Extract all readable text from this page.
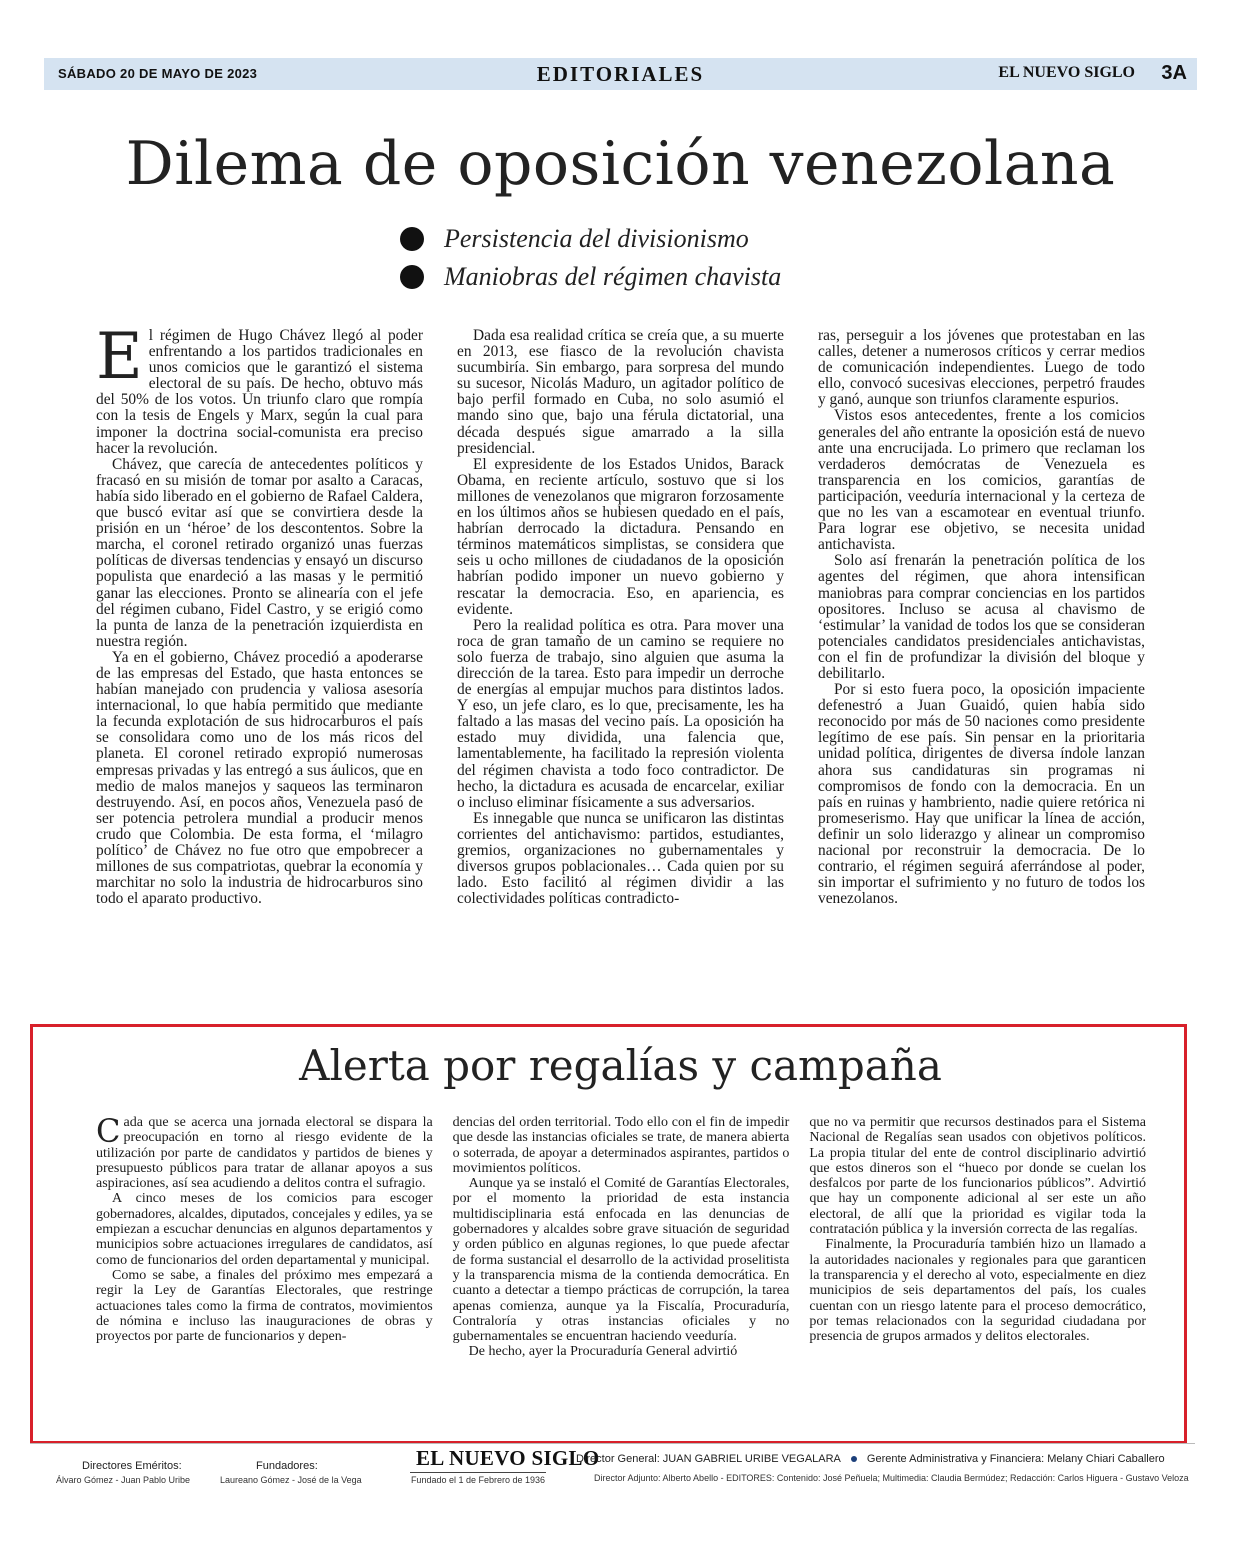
SÁBADO 20 DE MAYO DE 2023	EDITORIALES	EL NUEVO SIGLO 3A
Dilema de oposición venezolana
Persistencia del divisionismo
Maniobras del régimen chavista

El régimen de Hugo Chávez llegó al poder enfrentando a los partidos tradicionales en unos comicios que le garantizó el sistema electoral de su país. De hecho, obtuvo más del 50% de los votos. Un triunfo claro que rompía con la tesis de Engels y Marx, según la cual para imponer la doctrina social-comunista era preciso hacer la revolución.

Chávez, que carecía de antecedentes políticos y fracasó en su misión de tomar por asalto a Caracas, había sido liberado en el gobierno de Rafael Caldera, que buscó evitar así que se convirtiera desde la prisión en un ‘héroe’ de los descontentos. Sobre la marcha, el coronel retirado organizó unas fuerzas políticas de diversas tendencias y ensayó un discurso populista que enardeció a las masas y le permitió ganar las elecciones. Pronto se alinearía con el jefe del régimen cubano, Fidel Castro, y se erigió como la punta de lanza de la penetración izquierdista en nuestra región.

Ya en el gobierno, Chávez procedió a apoderarse de las empresas del Estado, que hasta entonces se habían manejado con prudencia y valiosa asesoría internacional, lo que había permitido que mediante la fecunda explotación de sus hidrocarburos el país se consolidara como uno de los más ricos del planeta. El coronel retirado expropió numerosas empresas privadas y las entregó a sus áulicos, que en medio de malos manejos y saqueos las terminaron destruyendo. Así, en pocos años, Venezuela pasó de ser potencia petrolera mundial a producir menos crudo que Colombia. De esta forma, el ‘milagro político’ de Chávez no fue otro que empobrecer a millones de sus compatriotas, quebrar la economía y marchitar no solo la industria de hidrocarburos sino todo el aparato productivo.

Dada esa realidad crítica se creía que, a su muerte en 2013, ese fiasco de la revolución chavista sucumbiría. Sin embargo, para sorpresa del mundo su sucesor, Nicolás Maduro, un agitador político de bajo perfil formado en Cuba, no solo asumió el mando sino que, bajo una férula dictatorial, una década después sigue amarrado a la silla presidencial.

El expresidente de los Estados Unidos, Barack Obama, en reciente artículo, sostuvo que si los millones de venezolanos que migraron forzosamente en los últimos años se hubiesen quedado en el país, habrían derrocado la dictadura. Pensando en términos matemáticos simplistas, se considera que seis u ocho millones de ciudadanos de la oposición habrían podido imponer un nuevo gobierno y rescatar la democracia. Eso, en apariencia, es evidente.

Pero la realidad política es otra. Para mover una roca de gran tamaño de un camino se requiere no solo fuerza de trabajo, sino alguien que asuma la dirección de la tarea. Esto para impedir un derroche de energías al empujar muchos para distintos lados. Y eso, un jefe claro, es lo que, precisamente, les ha faltado a las masas del vecino país. La oposición ha estado muy dividida, una falencia que, lamentablemente, ha facilitado la represión violenta del régimen chavista a todo foco contradictor. De hecho, la dictadura es acusada de encarcelar, exiliar o incluso eliminar físicamente a sus adversarios.

Es innegable que nunca se unificaron las distintas corrientes del antichavismo: partidos, estudiantes, gremios, organizaciones no gubernamentales y diversos grupos poblacionales… Cada quien por su lado. Esto facilitó al régimen dividir a las colectividades políticas contradicto-

ras, perseguir a los jóvenes que protestaban en las calles, detener a numerosos críticos y cerrar medios de comunicación independientes. Luego de todo ello, convocó sucesivas elecciones, perpetró fraudes y ganó, aunque son triunfos claramente espurios.

Vistos esos antecedentes, frente a los comicios generales del año entrante la oposición está de nuevo ante una encrucijada. Lo primero que reclaman los verdaderos demócratas de Venezuela es transparencia en los comicios, garantías de participación, veeduría internacional y la certeza de que no les van a escamotear en eventual triunfo. Para lograr ese objetivo, se necesita unidad antichavista.

Solo así frenarán la penetración política de los agentes del régimen, que ahora intensifican maniobras para comprar conciencias en los partidos opositores. Incluso se acusa al chavismo de ‘estimular’ la vanidad de todos los que se consideran potenciales candidatos presidenciales antichavistas, con el fin de profundizar la división del bloque y debilitarlo.

Por si esto fuera poco, la oposición impaciente defenestró a Juan Guaidó, quien había sido reconocido por más de 50 naciones como presidente legítimo de ese país. Sin pensar en la prioritaria unidad política, dirigentes de diversa índole lanzan ahora sus candidaturas sin programas ni compromisos de fondo con la democracia. En un país en ruinas y hambriento, nadie quiere retórica ni promeserismo. Hay que unificar la línea de acción, definir un solo liderazgo y alinear un compromiso nacional por reconstruir la democracia. De lo contrario, el régimen seguirá aferrándose al poder, sin importar el sufrimiento y no futuro de todos los venezolanos.

Alerta por regalías y campaña

Cada que se acerca una jornada electoral se dispara la preocupación en torno al riesgo evidente de la utilización por parte de candidatos y partidos de bienes y presupuesto públicos para tratar de allanar apoyos a sus aspiraciones, así sea acudiendo a delitos contra el sufragio.

A cinco meses de los comicios para escoger gobernadores, alcaldes, diputados, concejales y ediles, ya se empiezan a escuchar denuncias en algunos departamentos y municipios sobre actuaciones irregulares de candidatos, así como de funcionarios del orden departamental y municipal.

Como se sabe, a finales del próximo mes empezará a regir la Ley de Garantías Electorales, que restringe actuaciones tales como la firma de contratos, movimientos de nómina e incluso las inauguraciones de obras y proyectos por parte de funcionarios y depen-

dencias del orden territorial. Todo ello con el fin de impedir que desde las instancias oficiales se trate, de manera abierta o soterrada, de apoyar a determinados aspirantes, partidos o movimientos políticos.

Aunque ya se instaló el Comité de Garantías Electorales, por el momento la prioridad de esta instancia multidisciplinaria está enfocada en las denuncias de gobernadores y alcaldes sobre grave situación de seguridad y orden público en algunas regiones, lo que puede afectar de forma sustancial el desarrollo de la actividad proselitista y la transparencia misma de la contienda democrática. En cuanto a detectar a tiempo prácticas de corrupción, la tarea apenas comienza, aunque ya la Fiscalía, Procuraduría, Contraloría y otras instancias oficiales y no gubernamentales se encuentran haciendo veeduría.

De hecho, ayer la Procuraduría General advirtió

que no va permitir que recursos destinados para el Sistema Nacional de Regalías sean usados con objetivos políticos. La propia titular del ente de control disciplinario advirtió que estos dineros son el “hueco por donde se cuelan los desfalcos por parte de los funcionarios públicos”. Advirtió que hay un componente adicional al ser este un año electoral, de allí que la prioridad es vigilar toda la contratación pública y la inversión correcta de las regalías.

Finalmente, la Procuraduría también hizo un llamado a la autoridades nacionales y regionales para que garanticen la transparencia y el derecho al voto, especialmente en diez municipios de seis departamentos del país, los cuales cuentan con un riesgo latente para el proceso democrático, por temas relacionados con la seguridad ciudadana por presencia de grupos armados y delitos electorales.

Directores Eméritos:
Álvaro Gómez - Juan Pablo Uribe
Fundadores:
Laureano Gómez - José de la Vega
EL NUEVO SIGLO
Fundado el 1 de Febrero de 1936
Director General: JUAN GABRIEL URIBE VEGALARA Gerente Administrativa y Financiera: Melany Chiari Caballero
Director Adjunto: Alberto Abello - EDITORES: Contenido: José Peñuela; Multimedia: Claudia Bermúdez; Redacción: Carlos Higuera - Gustavo Veloza
